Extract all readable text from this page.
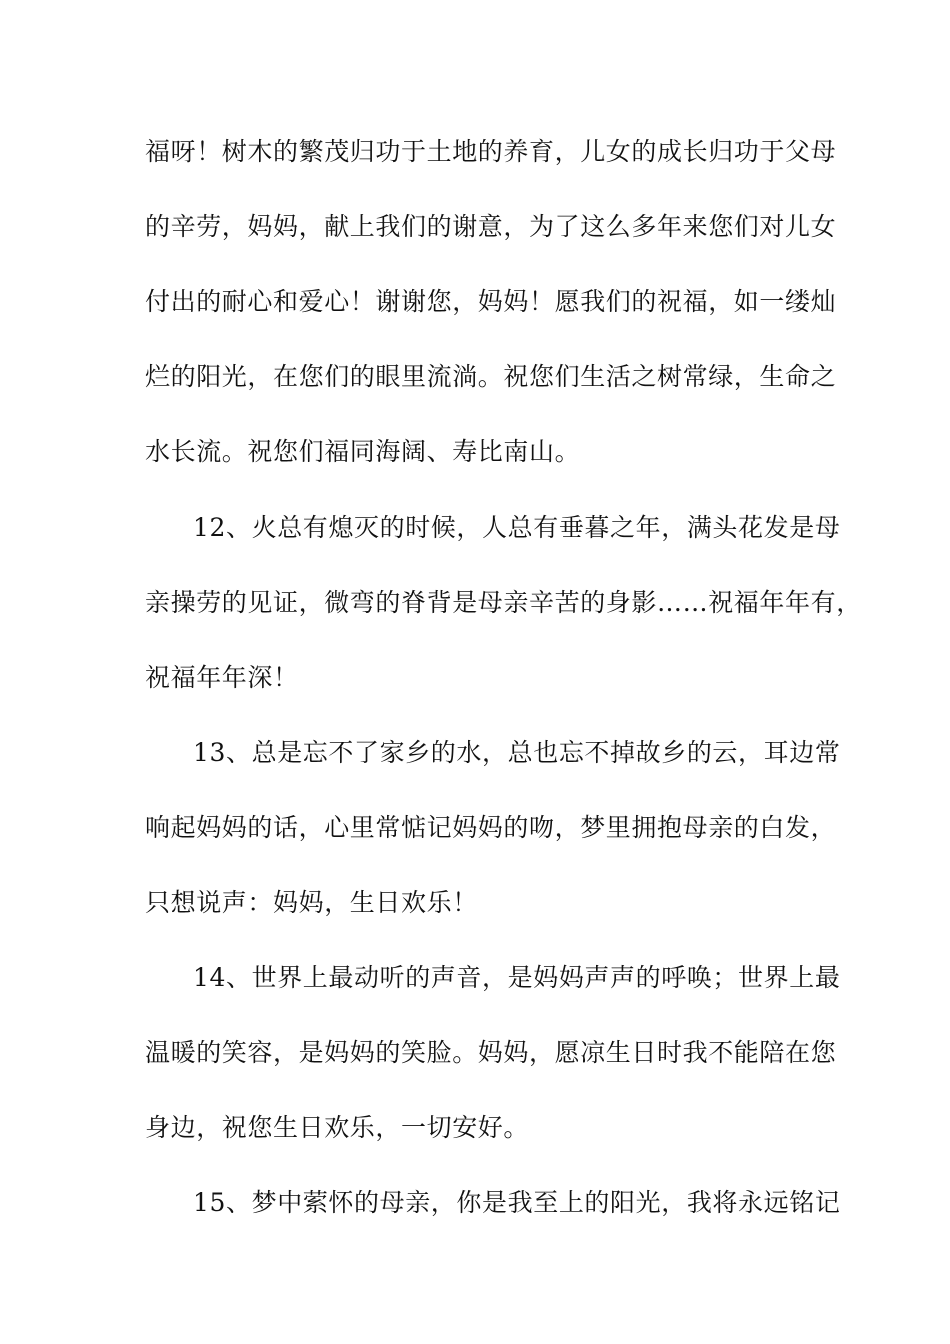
福呀！树木的繁茂归功于土地的养育，儿女的成长归功于父母
的辛劳，妈妈，献上我们的谢意，为了这么多年来您们对儿女
付出的耐心和爱心！谢谢您，妈妈！愿我们的祝福，如一缕灿
烂的阳光，在您们的眼里流淌。祝您们生活之树常绿，生命之
水长流。祝您们福同海阔、寿比南山。
12、火总有熄灭的时候，人总有垂暮之年，满头花发是母
亲操劳的见证，微弯的脊背是母亲辛苦的身影……祝福年年有，
祝福年年深！
13、总是忘不了家乡的水，总也忘不掉故乡的云，耳边常
响起妈妈的话，心里常惦记妈妈的吻，梦里拥抱母亲的白发，
只想说声：妈妈，生日欢乐！
14、世界上最动听的声音，是妈妈声声的呼唤；世界上最
温暖的笑容，是妈妈的笑脸。妈妈，愿凉生日时我不能陪在您
身边，祝您生日欢乐，一切安好。
15、梦中萦怀的母亲，你是我至上的阳光，我将永远铭记
